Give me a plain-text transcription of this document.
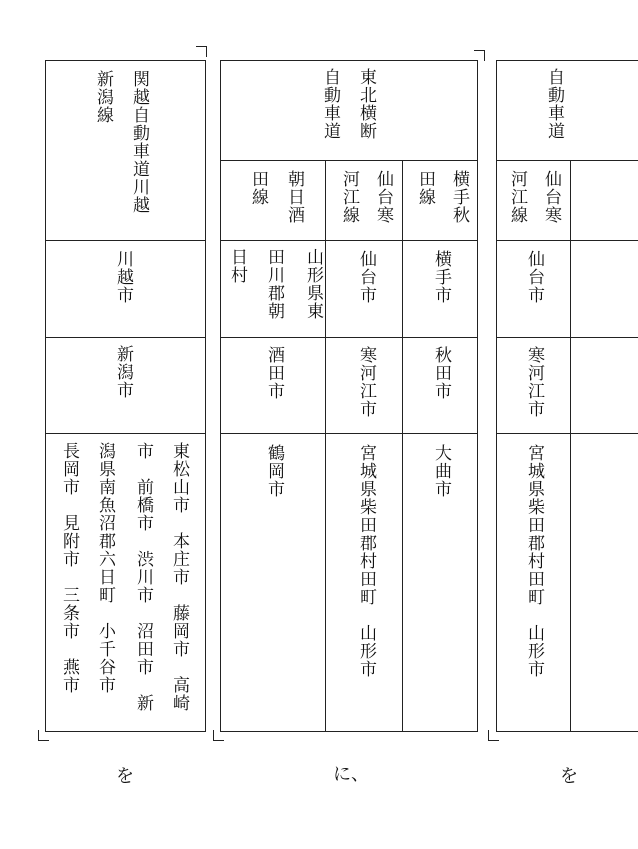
関越自動車道川越
新潟線
川越市
新潟市
東松山市　本庄市　藤岡市　高崎
市　前橋市　渋川市　沼田市　新
潟県南魚沼郡六日町　小千谷市
長岡市　見附市　三条市　燕市
東北横断
自動車道
横手秋
田線
横手市
秋田市
大曲市
仙台寒
河江線
仙台市
寒河江市
宮城県柴田郡村田町　山形市
朝日酒
田線
山形県東
田川郡朝
日村
酒田市
鶴岡市
自動車道
仙台寒
河江線
仙台市
寒河江市
宮城県柴田郡村田町　山形市
を	に、	を
